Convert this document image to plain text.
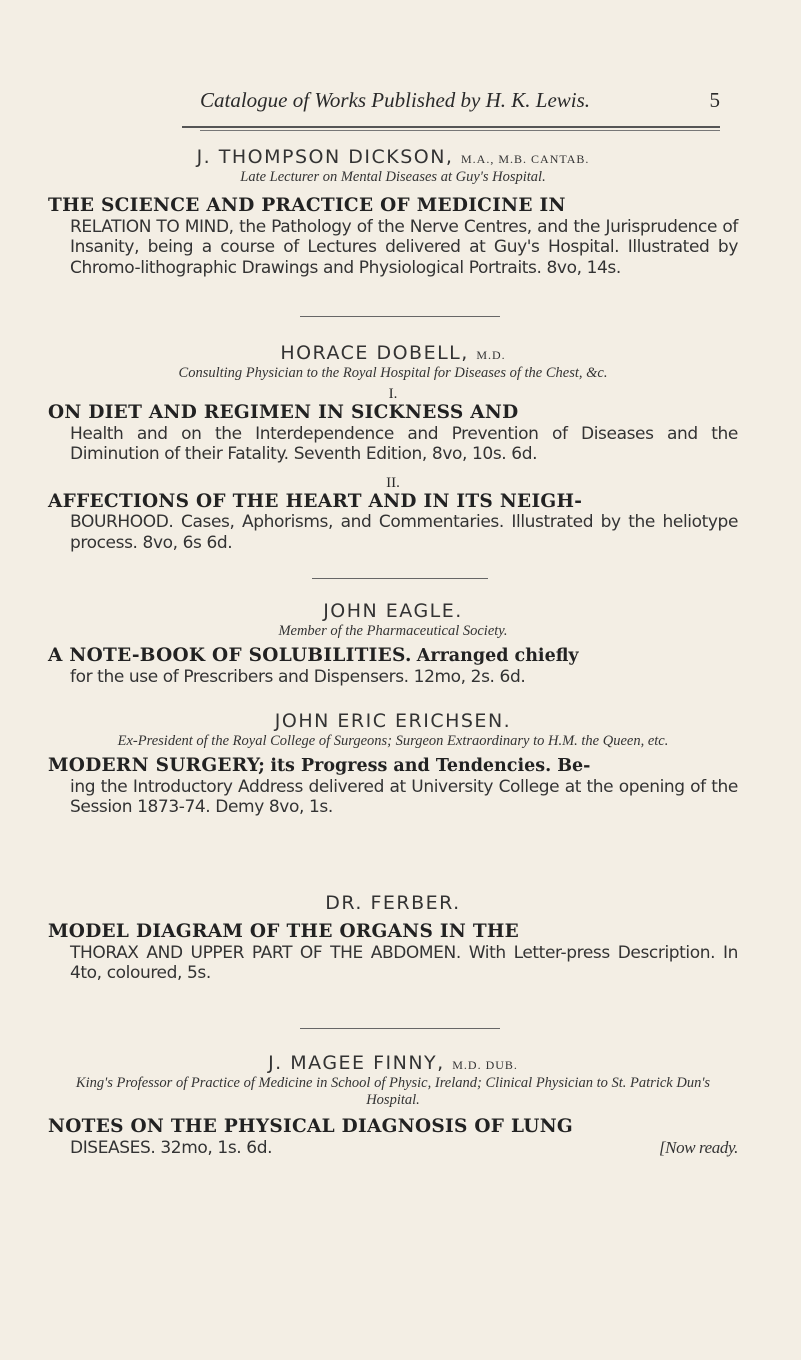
Catalogue of Works Published by H. K. Lewis.	5
J. THOMPSON DICKSON, M.A., M.B. CANTAB.
Late Lecturer on Mental Diseases at Guy's Hospital.
THE SCIENCE AND PRACTICE OF MEDICINE IN

RELATION TO MIND, the Pathology of the Nerve Centres, and the Jurisprudence of Insanity, being a course of Lectures delivered at Guy's Hospital. Illustrated by Chromo-lithographic Drawings and Physiological Portraits. 8vo, 14s.
HORACE DOBELL, M.D.
Consulting Physician to the Royal Hospital for Diseases of the Chest, &c.
I.
ON DIET AND REGIMEN IN SICKNESS AND

Health and on the Interdependence and Prevention of Diseases and the Diminution of their Fatality. Seventh Edition, 8vo, 10s. 6d.
II.
AFFECTIONS OF THE HEART AND IN ITS NEIGH-

BOURHOOD. Cases, Aphorisms, and Commentaries. Illustrated by the heliotype process. 8vo, 6s 6d.
JOHN EAGLE.
Member of the Pharmaceutical Society.
A NOTE-BOOK OF SOLUBILITIES. Arranged chiefly

for the use of Prescribers and Dispensers. 12mo, 2s. 6d.
JOHN ERIC ERICHSEN.
Ex-President of the Royal College of Surgeons; Surgeon Extraordinary to H.M. the Queen, etc.
MODERN SURGERY; its Progress and Tendencies. Be-

ing the Introductory Address delivered at University College at the opening of the Session 1873-74. Demy 8vo, 1s.
DR. FERBER.
MODEL DIAGRAM OF THE ORGANS IN THE

THORAX AND UPPER PART OF THE ABDOMEN. With Letter-press Description. In 4to, coloured, 5s.
J. MAGEE FINNY, M.D. DUB.
King's Professor of Practice of Medicine in School of Physic, Ireland; Clinical Physician to St. Patrick Dun's Hospital.
NOTES ON THE PHYSICAL DIAGNOSIS OF LUNG

DISEASES. 32mo, 1s. 6d.	[Now ready.
